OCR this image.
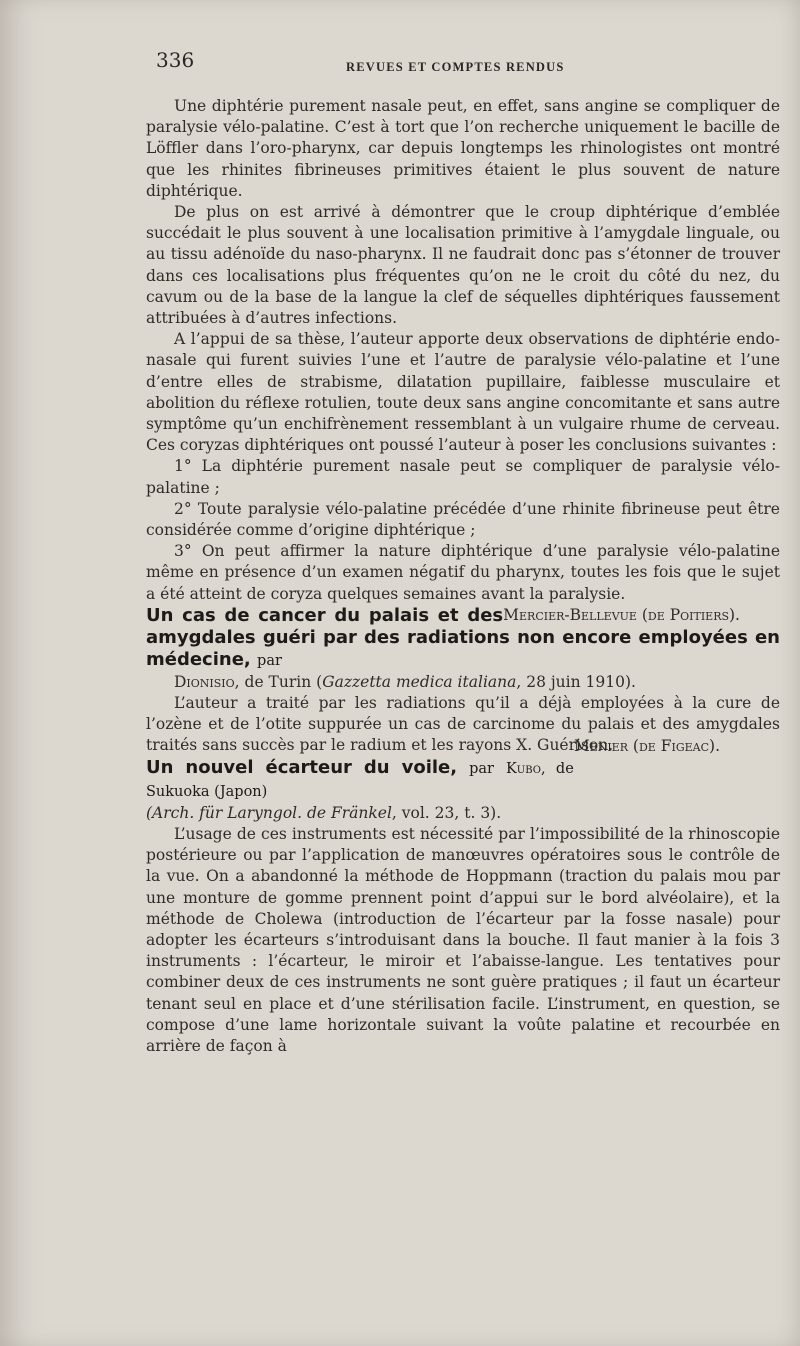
336	REVUES ET COMPTES RENDUS

Une diphtérie purement nasale peut, en effet, sans angine se compliquer de paralysie vélo-palatine. C’est à tort que l’on recherche uniquement le bacille de Löffler dans l’oro-pharynx, car depuis longtemps les rhinologistes ont montré que les rhinites fibrineuses primitives étaient le plus souvent de nature diphtérique.

De plus on est arrivé à démontrer que le croup diphtérique d’emblée succédait le plus souvent à une localisation primitive à l’amygdale linguale, ou au tissu adénoïde du naso-pharynx. Il ne faudrait donc pas s’étonner de trouver dans ces localisations plus fréquentes qu’on ne le croit du côté du nez, du cavum ou de la base de la langue la clef de séquelles diphtériques faussement attribuées à d’autres infections.

A l’appui de sa thèse, l’auteur apporte deux observations de diphtérie endo-nasale qui furent suivies l’une et l’autre de paralysie vélo-palatine et l’une d’entre elles de strabisme, dilatation pupillaire, faiblesse musculaire et abolition du réflexe rotulien, toute deux sans angine concomitante et sans autre symptôme qu’un enchifrènement ressemblant à un vulgaire rhume de cerveau. Ces coryzas diphtériques ont poussé l’auteur à poser les conclusions suivantes :

1° La diphtérie purement nasale peut se compliquer de paralysie vélo-palatine ;

2° Toute paralysie vélo-palatine précédée d’une rhinite fibrineuse peut être considérée comme d’origine diphtérique ;

3° On peut affirmer la nature diphtérique d’une paralysie vélo-palatine même en présence d’un examen négatif du pharynx, toutes les fois que le sujet a été atteint de coryza quelques semaines avant la paralysie.

Mercier-Bellevue (de Poitiers).

Un cas de cancer du palais et des amygdales guéri par des radiations non encore employées en médecine, par

Dionisio, de Turin (Gazzetta medica italiana, 28 juin 1910).

L’auteur a traité par les radiations qu’il a déjà employées à la cure de l’ozène et de l’otite suppurée un cas de carcinome du palais et des amygdales traités sans succès par le radium et les rayons X. Guérison.

Menier (de Figeac).

Un nouvel écarteur du voile, par Kubo, de Sukuoka (Japon)

(Arch. für Laryngol. de Fränkel, vol. 23, t. 3).

L’usage de ces instruments est nécessité par l’impossibilité de la rhinoscopie postérieure ou par l’application de manœuvres opératoires sous le contrôle de la vue. On a abandonné la méthode de Hoppmann (traction du palais mou par une monture de gomme prennent point d’appui sur le bord alvéolaire), et la méthode de Cholewa (introduction de l’écarteur par la fosse nasale) pour adopter les écarteurs s’introduisant dans la bouche. Il faut manier à la fois 3 instruments : l’écarteur, le miroir et l’abaisse-langue. Les tentatives pour combiner deux de ces instruments ne sont guère pratiques ; il faut un écarteur tenant seul en place et d’une stérilisation facile. L’instrument, en question, se compose d’une lame horizontale suivant la voûte palatine et recourbée en arrière de façon à
